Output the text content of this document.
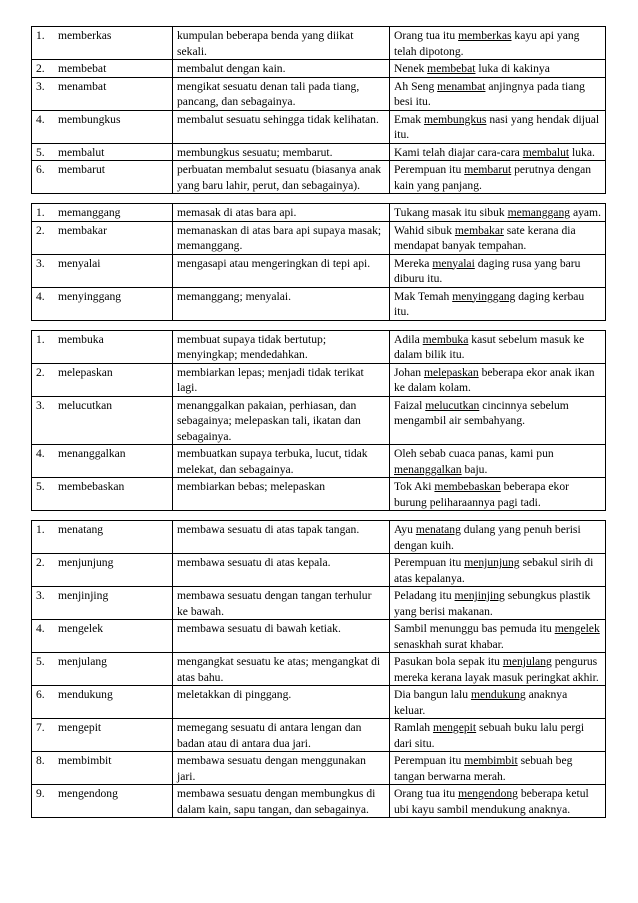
1. memberkas	kumpulan beberapa benda yang diikat sekali.	Orang tua itu memberkas kayu api yang telah dipotong.
2. membebat	membalut dengan kain.	Nenek membebat luka di kakinya
3. menambat	mengikat sesuatu denan tali pada tiang, pancang, dan sebagainya.	Ah Seng menambat anjingnya pada tiang besi itu.
4. membungkus	membalut sesuatu sehingga tidak kelihatan.	Emak membungkus nasi yang hendak dijual itu.
5. membalut	membungkus sesuatu; membarut.	Kami telah diajar cara-cara membalut luka.
6. membarut	perbuatan membalut sesuatu (biasanya anak yang baru lahir, perut, dan sebagainya).	Perempuan itu membarut perutnya dengan kain yang panjang.
1. memanggang	memasak di atas bara api.	Tukang masak itu sibuk memanggang ayam.
2. membakar	memanaskan di atas bara api supaya masak; memanggang.	Wahid sibuk membakar sate kerana dia mendapat banyak tempahan.
3. menyalai	mengasapi atau mengeringkan di tepi api.	Mereka menyalai daging rusa yang baru diburu itu.
4. menyinggang	memanggang; menyalai.	Mak Temah menyinggang daging kerbau itu.
1. membuka	membuat supaya tidak bertutup; menyingkap; mendedahkan.	Adila membuka kasut sebelum masuk ke dalam bilik itu.
2. melepaskan	membiarkan lepas; menjadi tidak terikat lagi.	Johan melepaskan beberapa ekor anak ikan ke dalam kolam.
3. melucutkan	menanggalkan pakaian, perhiasan, dan sebagainya; melepaskan tali, ikatan dan sebagainya.	Faizal melucutkan cincinnya sebelum mengambil air sembahyang.
4. menanggalkan	membuatkan supaya terbuka, lucut, tidak melekat, dan sebagainya.	Oleh sebab cuaca panas, kami pun menanggalkan baju.
5. membebaskan	membiarkan bebas; melepaskan	Tok Aki membebaskan beberapa ekor burung peliharaannya pagi tadi.
1. menatang	membawa sesuatu di atas tapak tangan.	Ayu menatang dulang yang penuh berisi dengan kuih.
2. menjunjung	membawa sesuatu di atas kepala.	Perempuan itu menjunjung sebakul sirih di atas kepalanya.
3. menjinjing	membawa sesuatu dengan tangan terhulur ke bawah.	Peladang itu menjinjing sebungkus plastik yang berisi makanan.
4. mengelek	membawa sesuatu di bawah ketiak.	Sambil menunggu bas pemuda itu mengelek senaskhah surat khabar.
5. menjulang	mengangkat sesuatu ke atas; mengangkat di atas bahu.	Pasukan bola sepak itu menjulang pengurus mereka kerana layak masuk peringkat akhir.
6. mendukung	meletakkan di pinggang.	Dia bangun lalu mendukung anaknya keluar.
7. mengepit	memegang sesuatu di antara lengan dan badan atau di antara dua jari.	Ramlah mengepit sebuah buku lalu pergi dari situ.
8. membimbit	membawa sesuatu dengan menggunakan jari.	Perempuan itu membimbit sebuah beg tangan berwarna merah.
9. mengendong	membawa sesuatu dengan membungkus di dalam kain, sapu tangan, dan sebagainya.	Orang tua itu mengendong beberapa ketul ubi kayu sambil mendukung anaknya.
